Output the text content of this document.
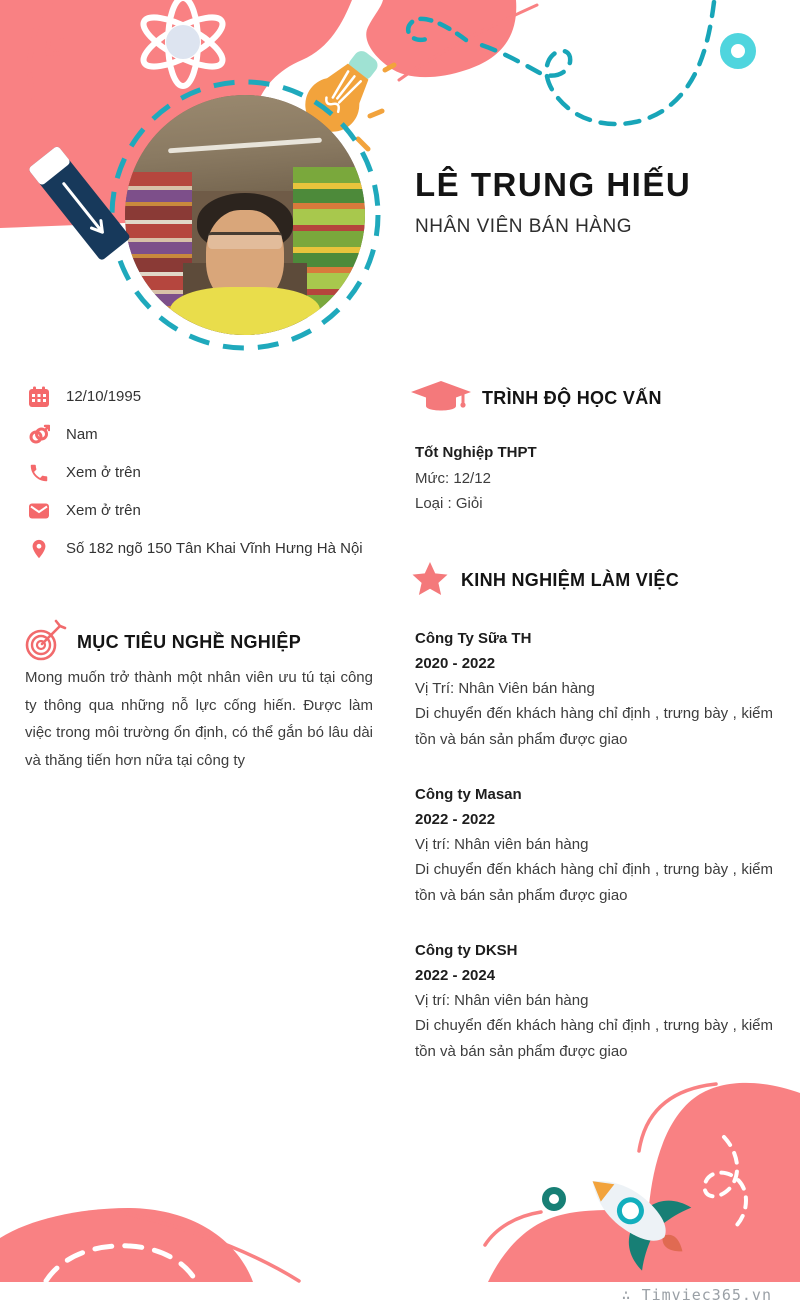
LÊ TRUNG HIẾU
NHÂN VIÊN BÁN HÀNG
12/10/1995
Nam
Xem ở trên
Xem ở trên
Số 182 ngõ 150 Tân Khai Vĩnh Hưng Hà Nội
MỤC TIÊU NGHỀ NGHIỆP
Mong muốn trở thành một nhân viên ưu tú tại công ty thông qua những nỗ lực cống hiến. Được làm việc trong môi trường ổn định, có thể gắn bó lâu dài và thăng tiến hơn nữa tại công ty
TRÌNH ĐỘ HỌC VẤN
Tốt Nghiệp THPT
Mức: 12/12
Loại : Giỏi
KINH NGHIỆM LÀM VIỆC
Công Ty Sữa TH
2020 - 2022
Vị Trí: Nhân Viên bán hàng
Di chuyển đến khách hàng chỉ định , trưng bày , kiểm tồn và bán sản phẩm được giao
Công ty Masan
2022 - 2022
Vị trí: Nhân viên bán hàng
Di chuyển đến khách hàng chỉ định , trưng bày , kiểm tồn và bán sản phẩm được giao
Công ty DKSH
2022 - 2024
Vị trí: Nhân viên bán hàng
Di chuyển đến khách hàng chỉ định , trưng bày , kiểm tồn và bán sản phẩm được giao
∴ Timviec365.vn
